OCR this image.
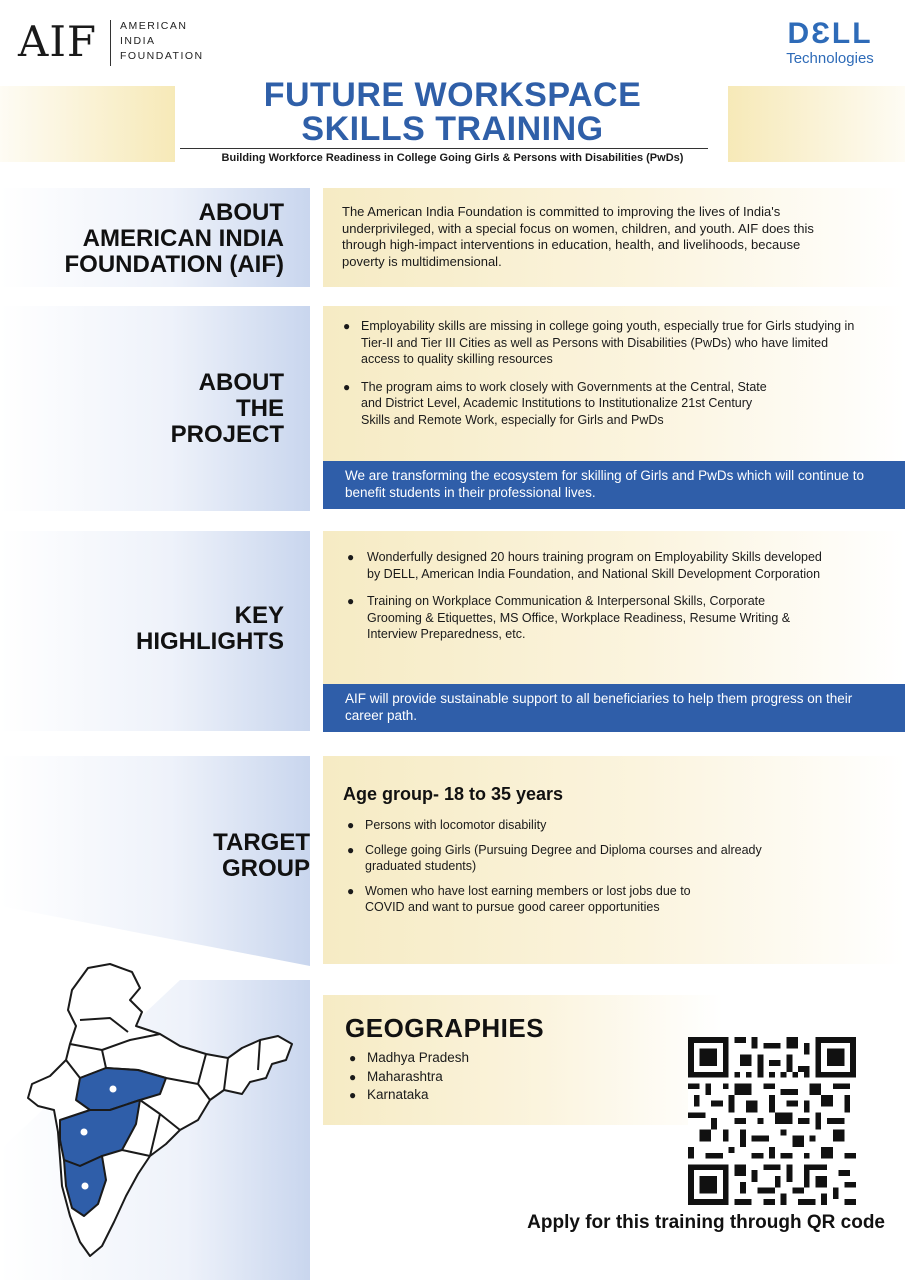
AIF AMERICAN
INDIA
FOUNDATION
DƐLL
Technologies
FUTURE WORKSPACE
SKILLS TRAINING
Building Workforce Readiness in College Going Girls & Persons with Disabilities (PwDs)
ABOUT
AMERICAN INDIA
FOUNDATION (AIF)

The American India Foundation is committed to improving the lives of India's underprivileged, with a special focus on women, children, and youth. AIF does this through high-impact interventions in education, health, and livelihoods, because poverty is multidimensional.

ABOUT
THE
PROJECT
● Employability skills are missing in college going youth, especially true for Girls studying in Tier-II and Tier III Cities as well as Persons with Disabilities (PwDs) who have limited access to quality skilling resources
● The program aims to work closely with Governments at the Central, State and District Level, Academic Institutions to Institutionalize 21st Century Skills and Remote Work, especially for Girls and PwDs
We are transforming the ecosystem for skilling of Girls and PwDs which will continue to benefit students in their professional lives.
KEY
HIGHLIGHTS
● Wonderfully designed 20 hours training program on Employability Skills developed by DELL, American India Foundation, and National Skill Development Corporation
● Training on Workplace Communication & Interpersonal Skills, Corporate Grooming & Etiquettes, MS Office, Workplace Readiness, Resume Writing & Interview Preparedness, etc.
AIF will provide sustainable support to all beneficiaries to help them progress on their career path.
TARGET
GROUP
Age group- 18 to 35 years
● Persons with locomotor disability
● College going Girls (Pursuing Degree and Diploma courses and already graduated students)
● Women who have lost earning members or lost jobs due to COVID and want to pursue good career opportunities
GEOGRAPHIES
● Madhya Pradesh
● Maharashtra
● Karnataka
Apply for this training through QR code
